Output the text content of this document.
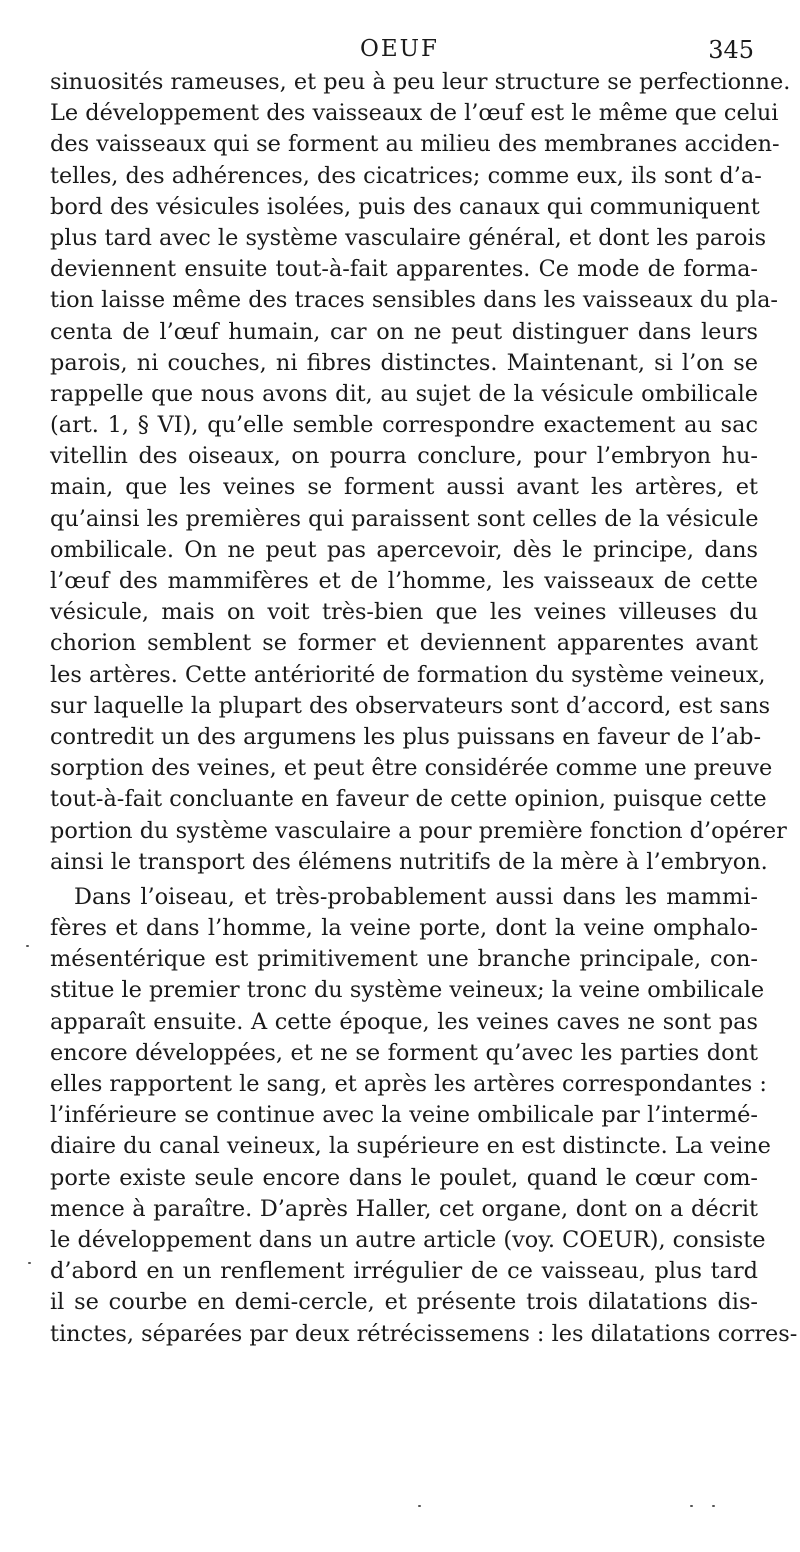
OEUF	345
sinuosités rameuses, et peu à peu leur structure se perfectionne.
Le développement des vaisseaux de l’œuf est le même que celui
des vaisseaux qui se forment au milieu des membranes acciden-
telles, des adhérences, des cicatrices; comme eux, ils sont d’a-
bord des vésicules isolées, puis des canaux qui communiquent
plus tard avec le système vasculaire général, et dont les parois
deviennent ensuite tout-à-fait apparentes. Ce mode de forma-
tion laisse même des traces sensibles dans les vaisseaux du pla-
centa de l’œuf humain, car on ne peut distinguer dans leurs
parois, ni couches, ni fibres distinctes. Maintenant, si l’on se
rappelle que nous avons dit, au sujet de la vésicule ombilicale
(art. 1, § VI), qu’elle semble correspondre exactement au sac
vitellin des oiseaux, on pourra conclure, pour l’embryon hu-
main, que les veines se forment aussi avant les artères, et
qu’ainsi les premières qui paraissent sont celles de la vésicule
ombilicale. On ne peut pas apercevoir, dès le principe, dans
l’œuf des mammifères et de l’homme, les vaisseaux de cette
vésicule, mais on voit très-bien que les veines villeuses du
chorion semblent se former et deviennent apparentes avant
les artères. Cette antériorité de formation du système veineux,
sur laquelle la plupart des observateurs sont d’accord, est sans
contredit un des argumens les plus puissans en faveur de l’ab-
sorption des veines, et peut être considérée comme une preuve
tout-à-fait concluante en faveur de cette opinion, puisque cette
portion du système vasculaire a pour première fonction d’opérer
ainsi le transport des élémens nutritifs de la mère à l’embryon.
Dans l’oiseau, et très-probablement aussi dans les mammi-
fères et dans l’homme, la veine porte, dont la veine omphalo-
mésentérique est primitivement une branche principale, con-
stitue le premier tronc du système veineux; la veine ombilicale
apparaît ensuite. A cette époque, les veines caves ne sont pas
encore développées, et ne se forment qu’avec les parties dont
elles rapportent le sang, et après les artères correspondantes :
l’inférieure se continue avec la veine ombilicale par l’intermé-
diaire du canal veineux, la supérieure en est distincte. La veine
porte existe seule encore dans le poulet, quand le cœur com-
mence à paraître. D’après Haller, cet organe, dont on a décrit
le développement dans un autre article (voy. COEUR), consiste
d’abord en un renflement irrégulier de ce vaisseau, plus tard
il se courbe en demi-cercle, et présente trois dilatations dis-
tinctes, séparées par deux rétrécissemens : les dilatations corres-
